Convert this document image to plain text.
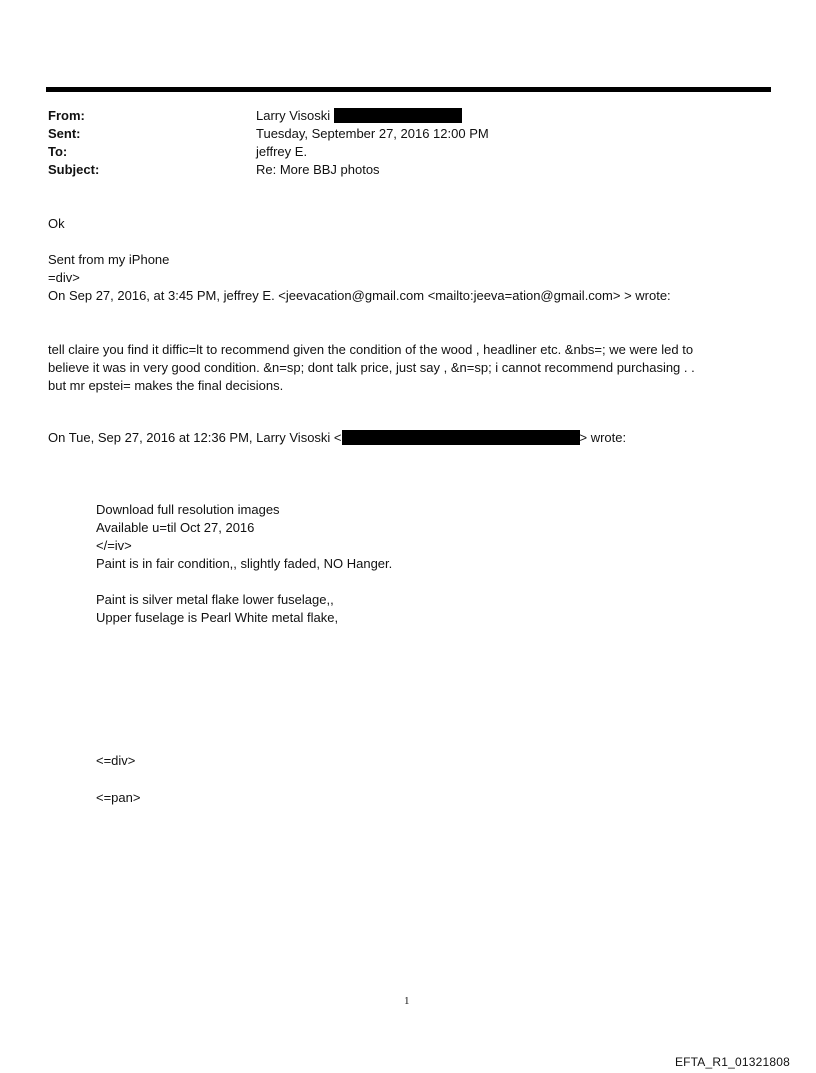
From:	Larry Visoski
Sent:	Tuesday, September 27, 2016 12:00 PM
To:	jeffrey E.
Subject:	Re: More BBJ photos
Ok
Sent from my iPhone
=div>
On Sep 27, 2016, at 3:45 PM, jeffrey E. <jeevacation@gmail.com <mailto:jeeva=ation@gmail.com> > wrote:
tell claire you find it diffic=lt to recommend given the condition of the wood , headliner etc. &nbs=; we were led to
believe it was in very good condition. &n=sp; dont talk price, just say , &n=sp; i cannot recommend purchasing . .
but mr epstei= makes the final decisions.
On Tue, Sep 27, 2016 at 12:36 PM, Larry Visoski <	> wrote:
Download full resolution images
Available u=til Oct 27, 2016
</=iv>
Paint is in fair condition,, slightly faded, NO Hanger.
Paint is silver metal flake lower fuselage,,
Upper fuselage is Pearl White metal flake,
<=div>
<=pan>
1
EFTA_R1_01321808
